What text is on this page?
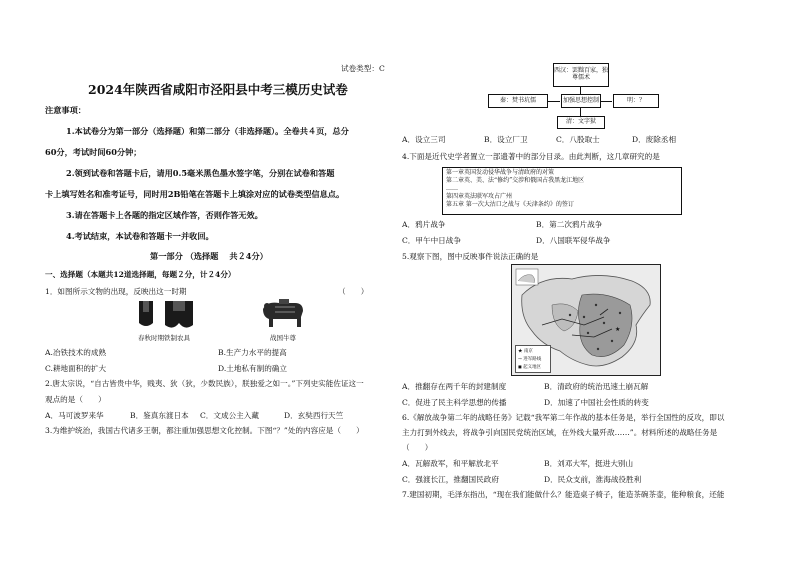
试卷类型：C
2024年陕西省咸阳市泾阳县中考三模历史试卷
注意事项：
1.本试卷分为第一部分（选择题）和第二部分（非选择题）。全卷共４页，总分
60分，考试时间60分钟；
2.领到试卷和答题卡后，请用0.5毫米黑色墨水签字笔，分别在试卷和答题
卡上填写姓名和准考证号，同时用2B铅笔在答题卡上填涂对应的试卷类型信息点。
3.请在答题卡上各题的指定区域作答，否则作答无效。
4.考试结束，本试卷和答题卡一并收回。
第一部分 （选择题　 共２4分）
一、选择题（本题共12道选择题，每题２分，计２4分）
1．如图所示文物的出现，反映出这一时期	（　　）
春秋时期铁制农具	战国牛尊
A.冶铁技术的成熟	B.生产力水平的提高
C.耕地面积的扩大	D.土地私有制的确立
2.唐太宗说，“自古皆贵中华，贱夷、狄（狄，少数民族），朕独爱之如一。”下列史实能佐证这一
观点的是（　　）
A．马可波罗来华	B．鉴真东渡日本 C．文成公主入藏	D．玄奘西行天竺
3.为维护统治，我国古代诸多王朝，都注重加强思想文化控制。下图“？”处的内容应是（　　）
西汉：罢黜百家，独尊儒术
秦：焚书坑儒	加强思想控制	明：？
清：文字狱
A．设立三司	B．设立厂卫	C．八股取士	D．废除丞相
4.下面是近代史学者置立一部遗著中的部分目录。由此判断，这几章研究的是
第一章英国发动侵华战争与清政府的对策
第二章英、美、法“修约”交涉和俄国占我黑龙江地区
……
第四章英法联军攻占广州
第五章 第一次大沽口之战与《天津条约》的签订
A．鸦片战争	B．第二次鸦片战争
C．甲午中日战争	D．八国联军侵华战争
5.观察下图，图中反映事件说法正确的是
★
★ 南京
→ 进军路线
◼ 起义地区
A．推翻存在两千年的封建制度	B．清政府的统治迅速土崩瓦解
C．促进了民主科学思想的传播	D．加速了中国社会性质的转变
6.《解放战争第二年的战略任务》记载“我军第二年作战的基本任务是，举行全国性的反攻，即以
主力打到外线去，将战争引向国民党统治区域，在外线大量歼敌……”。材料所述的战略任务是
（　　）
A．瓦解敌军，和平解放北平	B．刘邓大军，挺进大别山
C．强渡长江，推翻国民政府	D．民众支前，淮海战役胜利
7.建国初期，毛泽东指出，“现在我们能做什么？能造桌子椅子，能造茶碗茶壶，能种粮食，还能
